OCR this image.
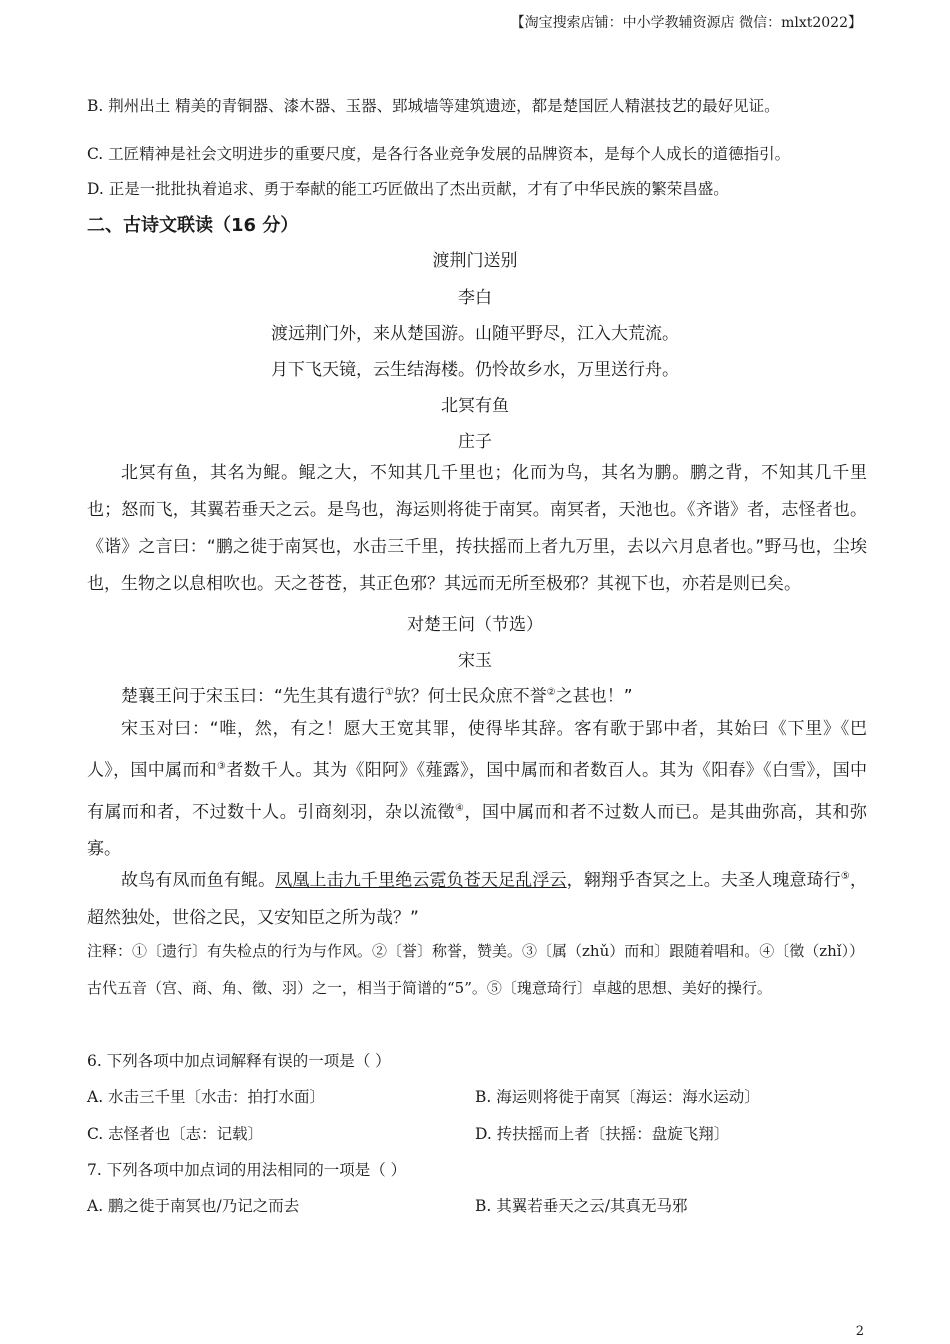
【淘宝搜索店铺：中小学教辅资源店 微信：mlxt2022】
B. 荆州出土 精美的青铜器、漆木器、玉器、郢城墙等建筑遗迹，都是楚国匠人精湛技艺的最好见证。
C. 工匠精神是社会文明进步的重要尺度，是各行各业竞争发展的品牌资本，是每个人成长的道德指引。
D. 正是一批批执着追求、勇于奉献的能工巧匠做出了杰出贡献，才有了中华民族的繁荣昌盛。
二、古诗文联读（16 分）
渡荆门送别
李白
渡远荆门外，来从楚国游。山随平野尽，江入大荒流。
月下飞天镜，云生结海楼。仍怜故乡水，万里送行舟。
北冥有鱼
庄子
北冥有鱼，其名为鲲。鲲之大，不知其几千里也；化而为鸟，其名为鹏。鹏之背，不知其几千里也；怒而飞，其翼若垂天之云。是鸟也，海运则将徙于南冥。南冥者，天池也。《齐谐》者，志怪者也。《谐》之言曰：“鹏之徙于南冥也，水击三千里，抟扶摇而上者九万里，去以六月息者也。”野马也，尘埃也，生物之以息相吹也。天之苍苍，其正色邪？其远而无所至极邪？其视下也，亦若是则已矣。
对楚王问（节选）
宋玉
楚襄王问于宋玉曰：“先生其有遗行①欤？何士民众庶不誉②之甚也！”
宋玉对曰：“唯，然，有之！愿大王宽其罪，使得毕其辞。客有歌于郢中者，其始曰《下里》《巴人》，国中属而和③者数千人。其为《阳阿》《薤露》，国中属而和者数百人。其为《阳春》《白雪》，国中有属而和者，不过数十人。引商刻羽，杂以流徵④，国中属而和者不过数人而已。是其曲弥高，其和弥寡。
故鸟有凤而鱼有鲲。凤凰上击九千里绝云霓负苍天足乱浮云，翱翔乎杳冥之上。夫圣人瑰意琦行⑤，超然独处，世俗之民，又安知臣之所为哉？”
注释：①〔遗行〕有失检点的行为与作风。②〔誉〕称誉，赞美。③〔属（zhǔ）而和〕跟随着唱和。④〔徵（zhǐ））古代五音（宫、商、角、徵、羽）之一，相当于简谱的“5”。⑤〔瑰意琦行〕卓越的思想、美好的操行。
6. 下列各项中加点词解释有误的一项是（ ）
A. 水击三千里〔水击：拍打水面〕	B. 海运则将徙于南冥〔海运：海水运动〕
C. 志怪者也〔志：记载〕	D. 抟扶摇而上者〔扶摇：盘旋飞翔〕
7. 下列各项中加点词的用法相同的一项是（ ）
A. 鹏之徙于南冥也/乃记之而去	B. 其翼若垂天之云/其真无马邪
2
